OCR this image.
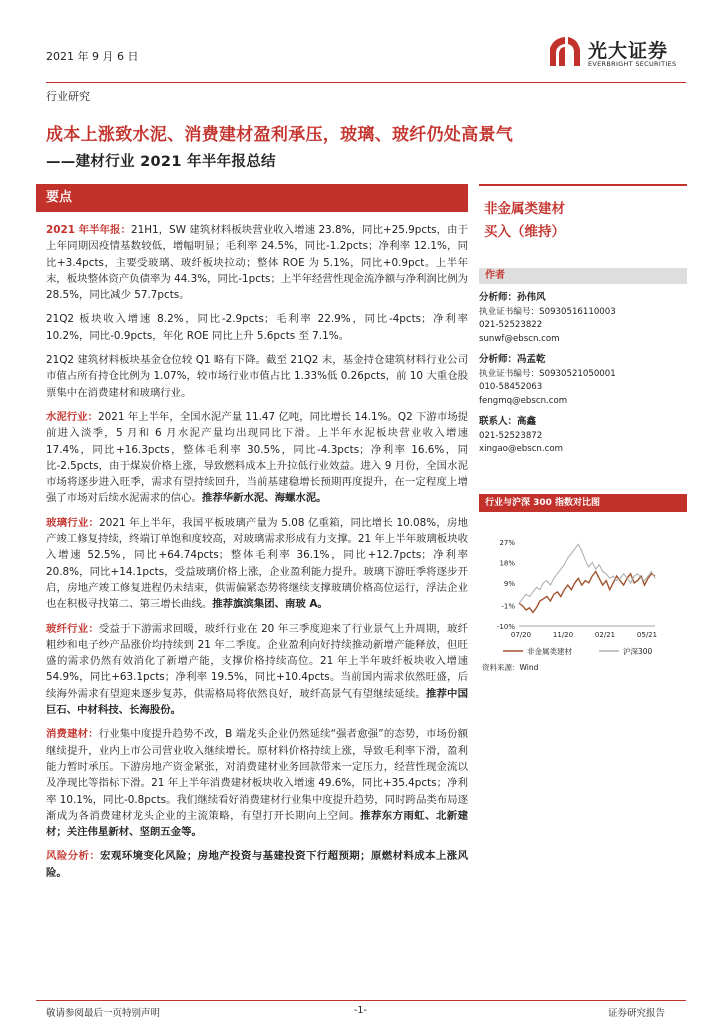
2021 年 9 月 6 日	光大证券
EVERBRIGHT SECURITIES
行业研究
成本上涨致水泥、消费建材盈利承压，玻璃、玻纤仍处高景气
——建材行业 2021 年半年报总结
要点
非金属类建材
买入（维持）

2021 年半年报：21H1，SW 建筑材料板块营业收入增速 23.8%，同比+25.9pcts，由于上年同期因疫情基数较低，增幅明显；毛利率 24.5%，同比-1.2pcts；净利率 12.1%，同比+3.4pcts，主要受玻璃、玻纤板块拉动；整体 ROE 为 5.1%，同比+0.9pct。上半年末，板块整体资产负债率为 44.3%，同比-1pcts；上半年经营性现金流净额与净利润比例为 28.5%，同比减少 57.7pcts。

21Q2 板块收入增速 8.2%，同比-2.9pcts；毛利率 22.9%，同比-4pcts；净利率 10.2%，同比-0.9pcts，年化 ROE 同比上升 5.6pcts 至 7.1%。

21Q2 建筑材料板块基金仓位较 Q1 略有下降。截至 21Q2 末，基金持仓建筑材料行业公司市值占所有持仓比例为 1.07%，较市场行业市值占比 1.33%低 0.26pcts，前 10 大重仓股票集中在消费建材和玻璃行业。

水泥行业：2021 年上半年，全国水泥产量 11.47 亿吨，同比增长 14.1%。Q2 下游市场提前进入淡季，5 月和 6 月水泥产量均出现同比下滑。上半年水泥板块营业收入增速 17.4%，同比+16.3pcts，整体毛利率 30.5%，同比-4.3pcts；净利率 16.6%，同比-2.5pcts，由于煤炭价格上涨，导致燃料成本上升拉低行业效益。进入 9 月份，全国水泥市场将逐步进入旺季，需求有望持续回升，当前基建稳增长预期再度提升，在一定程度上增强了市场对后续水泥需求的信心。推荐华新水泥、海螺水泥。

玻璃行业：2021 年上半年，我国平板玻璃产量为 5.08 亿重箱，同比增长 10.08%，房地产竣工修复持续，终端订单饱和度较高，对玻璃需求形成有力支撑。21 年上半年玻璃板块收入增速 52.5%，同比+64.74pcts；整体毛利率 36.1%，同比+12.7pcts；净利率 20.8%，同比+14.1pcts，受益玻璃价格上涨，企业盈利能力提升。玻璃下游旺季将逐步开启，房地产竣工修复进程仍未结束，供需偏紧态势将继续支撑玻璃价格高位运行，浮法企业也在积极寻找第二、第三增长曲线。推荐旗滨集团、南玻 A。

玻纤行业：受益于下游需求回暖，玻纤行业在 20 年三季度迎来了行业景气上升周期，玻纤粗纱和电子纱产品涨价均持续到 21 年二季度。企业盈利向好持续推动新增产能释放，但旺盛的需求仍然有效消化了新增产能，支撑价格持续高位。21 年上半年玻纤板块收入增速 54.9%，同比+63.1pcts；净利率 19.5%，同比+10.4pcts。当前国内需求依然旺盛，后续海外需求有望迎来逐步复苏，供需格局将依然良好，玻纤高景气有望继续延续。推荐中国巨石、中材科技、长海股份。

消费建材：行业集中度提升趋势不改，B 端龙头企业仍然延续“强者愈强”的态势，市场份额继续提升，业内上市公司营业收入继续增长。原材料价格持续上涨，导致毛利率下滑，盈利能力暂时承压。下游房地产资金紧张，对消费建材业务回款带来一定压力，经营性现金流以及净现比等指标下滑。21 年上半年消费建材板块收入增速 49.6%，同比+35.4pcts；净利率 10.1%，同比-0.8pcts。我们继续看好消费建材行业集中度提升趋势，同时跨品类布局逐渐成为各消费建材龙头企业的主流策略，有望打开长期向上空间。推荐东方雨虹、北新建材；关注伟星新材、坚朗五金等。

风险分析：宏观环境变化风险；房地产投资与基建投资下行超预期；原燃材料成本上涨风险。

作者
分析师：孙伟风
执业证书编号：S0930516110003
021-52523822
sunwf@ebscn.com
分析师：冯孟乾
执业证书编号：S0930521050001
010-58452063
fengmq@ebscn.com
联系人：高鑫
021-52523872
xingao@ebscn.com
行业与沪深 300 指数对比图
27%
18%
9%
-1%
-10%
07/20	11/20	02/21	05/21
非金属类建材	沪深300
资料来源：Wind
敬请参阅最后一页特别声明	-1-	证券研究报告
